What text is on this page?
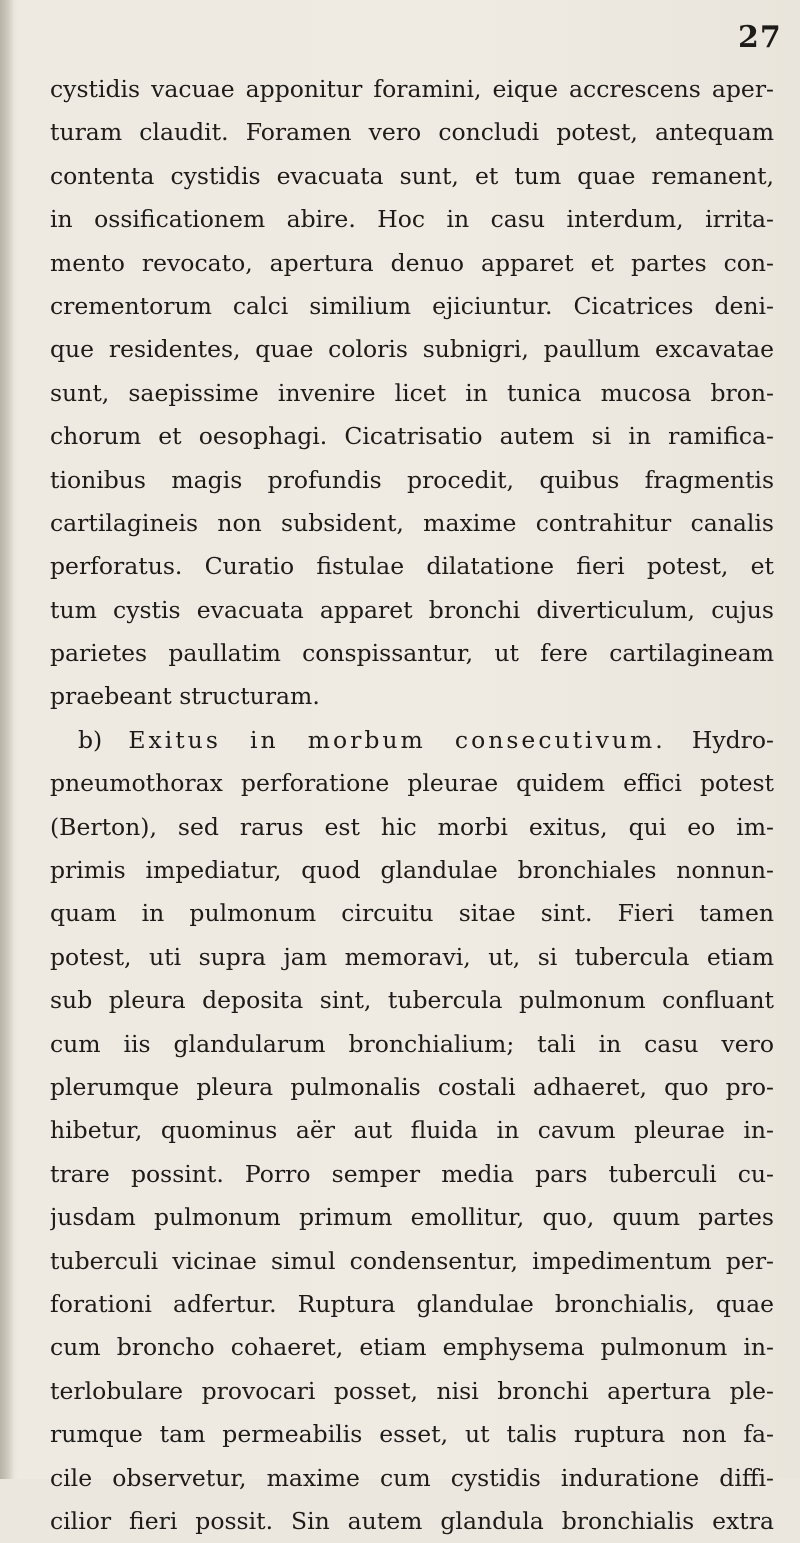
27
cystidis vacuae apponitur foramini, eique accrescens aper-
turam claudit. Foramen vero concludi potest, antequam
contenta cystidis evacuata sunt, et tum quae remanent,
in ossificationem abire. Hoc in casu interdum, irrita-
mento revocato, apertura denuo apparet et partes con-
crementorum calci similium ejiciuntur. Cicatrices deni-
que residentes, quae coloris subnigri, paullum excavatae
sunt, saepissime invenire licet in tunica mucosa bron-
chorum et oesophagi. Cicatrisatio autem si in ramifica-
tionibus magis profundis procedit, quibus fragmentis
cartilagineis non subsident, maxime contrahitur canalis
perforatus. Curatio fistulae dilatatione fieri potest, et
tum cystis evacuata apparet bronchi diverticulum, cujus
parietes paullatim conspissantur, ut fere cartilagineam
praebeant structuram.
b) Exitus in morbum consecutivum. Hydro-
pneumothorax perforatione pleurae quidem effici potest
(Berton), sed rarus est hic morbi exitus, qui eo im-
primis impediatur, quod glandulae bronchiales nonnun-
quam in pulmonum circuitu sitae sint. Fieri tamen
potest, uti supra jam memoravi, ut, si tubercula etiam
sub pleura deposita sint, tubercula pulmonum confluant
cum iis glandularum bronchialium; tali in casu vero
plerumque pleura pulmonalis costali adhaeret, quo pro-
hibetur, quominus aër aut fluida in cavum pleurae in-
trare possint. Porro semper media pars tuberculi cu-
jusdam pulmonum primum emollitur, quo, quum partes
tuberculi vicinae simul condensentur, impedimentum per-
forationi adfertur. Ruptura glandulae bronchialis, quae
cum broncho cohaeret, etiam emphysema pulmonum in-
terlobulare provocari posset, nisi bronchi apertura ple-
rumque tam permeabilis esset, ut talis ruptura non fa-
cile observetur, maxime cum cystidis induratione diffi-
cilior fieri possit. Sin autem glandula bronchialis extra
